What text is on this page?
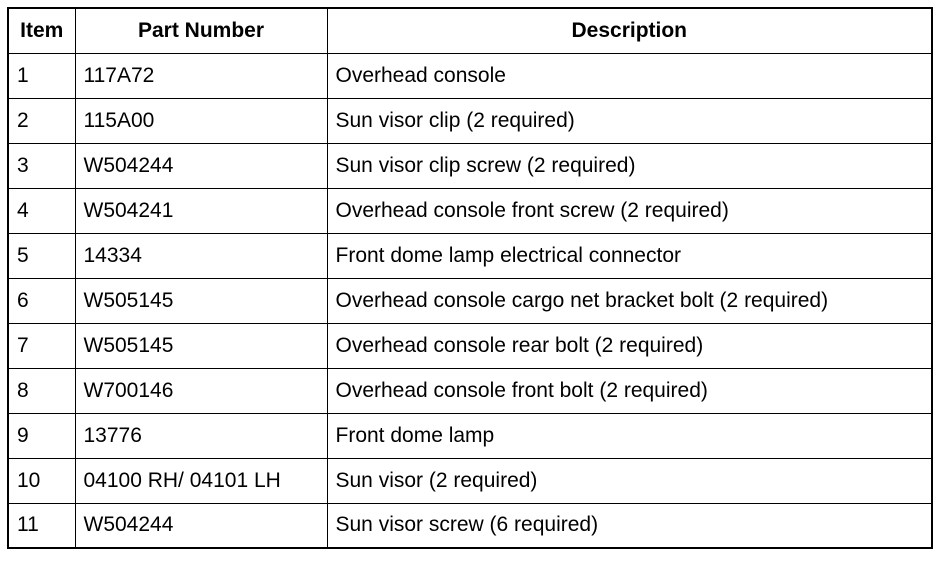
Item	Part Number	Description
1	117A72	Overhead console
2	115A00	Sun visor clip (2 required)
3	W504244	Sun visor clip screw (2 required)
4	W504241	Overhead console front screw (2 required)
5	14334	Front dome lamp electrical connector
6	W505145	Overhead console cargo net bracket bolt (2 required)
7	W505145	Overhead console rear bolt (2 required)
8	W700146	Overhead console front bolt (2 required)
9	13776	Front dome lamp
10	04100 RH/ 04101 LH	Sun visor (2 required)
11	W504244	Sun visor screw (6 required)
